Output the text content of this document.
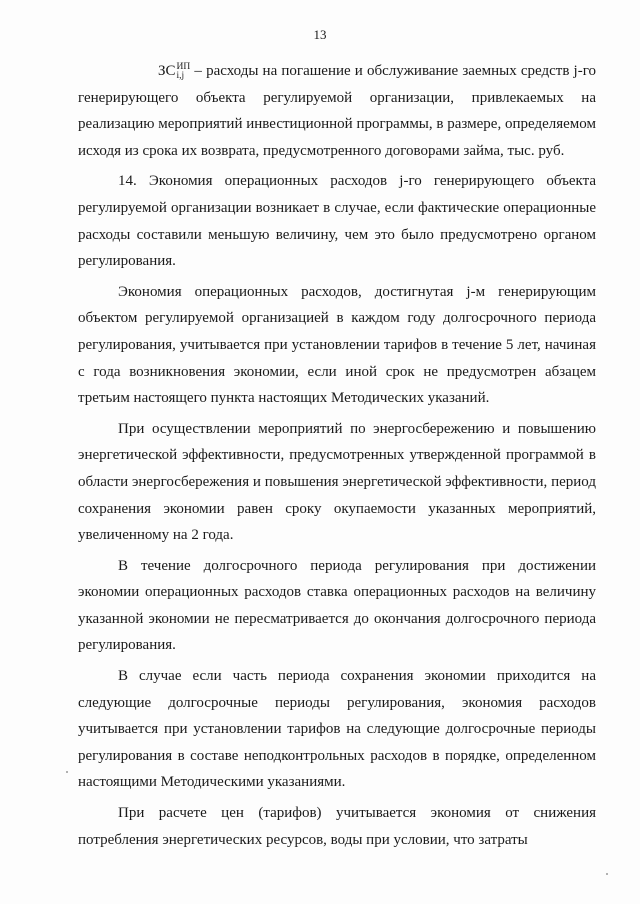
13

ЗС ИП
i,j – расходы на погашение и обслуживание заемных средств j-го генерирующего объекта регулируемой организации, привлекаемых на реализацию мероприятий инвестиционной программы, в размере, определяемом исходя из срока их возврата, предусмотренного договорами займа, тыс. руб.

14. Экономия операционных расходов j-го генерирующего объекта регулируемой организации возникает в случае, если фактические операционные расходы составили меньшую величину, чем это было предусмотрено органом регулирования.

Экономия операционных расходов, достигнутая j-м генерирующим объектом регулируемой организацией в каждом году долгосрочного периода регулирования, учитывается при установлении тарифов в течение 5 лет, начиная с года возникновения экономии, если иной срок не предусмотрен абзацем третьим настоящего пункта настоящих Методических указаний.

При осуществлении мероприятий по энергосбережению и повышению энергетической эффективности, предусмотренных утвержденной программой в области энергосбережения и повышения энергетической эффективности, период сохранения экономии равен сроку окупаемости указанных мероприятий, увеличенному на 2 года.

В течение долгосрочного периода регулирования при достижении экономии операционных расходов ставка операционных расходов на величину указанной экономии не пересматривается до окончания долгосрочного периода регулирования.

В случае если часть периода сохранения экономии приходится на следующие долгосрочные периоды регулирования, экономия расходов учитывается при установлении тарифов на следующие долгосрочные периоды регулирования в составе неподконтрольных расходов в порядке, определенном настоящими Методическими указаниями.

При расчете цен (тарифов) учитывается экономия от снижения потребления энергетических ресурсов, воды при условии, что затраты
